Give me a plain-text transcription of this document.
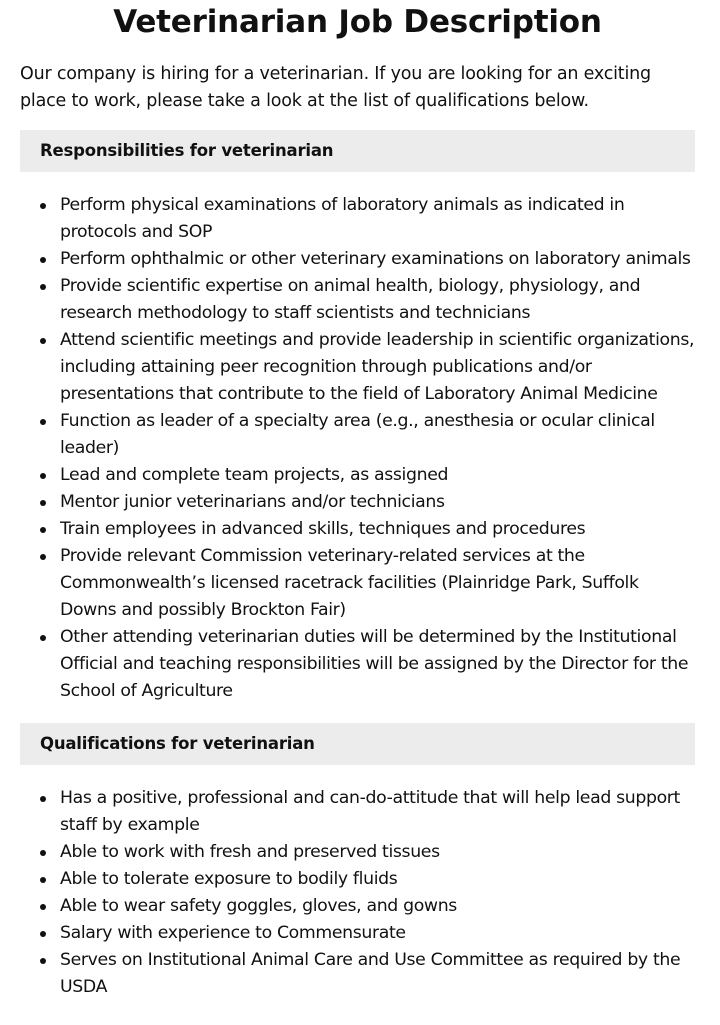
Veterinarian Job Description

Our company is hiring for a veterinarian. If you are looking for an exciting place to work, please take a look at the list of qualifications below.

Responsibilities for veterinarian
Perform physical examinations of laboratory animals as indicated in protocols and SOP
Perform ophthalmic or other veterinary examinations on laboratory animals
Provide scientific expertise on animal health, biology, physiology, and research methodology to staff scientists and technicians
Attend scientific meetings and provide leadership in scientific organizations, including attaining peer recognition through publications and/or presentations that contribute to the field of Laboratory Animal Medicine
Function as leader of a specialty area (e.g., anesthesia or ocular clinical leader)
Lead and complete team projects, as assigned
Mentor junior veterinarians and/or technicians
Train employees in advanced skills, techniques and procedures
Provide relevant Commission veterinary-related services at the Commonwealth’s licensed racetrack facilities (Plainridge Park, Suffolk Downs and possibly Brockton Fair)
Other attending veterinarian duties will be determined by the Institutional Official and teaching responsibilities will be assigned by the Director for the School of Agriculture
Qualifications for veterinarian
Has a positive, professional and can-do-attitude that will help lead support staff by example
Able to work with fresh and preserved tissues
Able to tolerate exposure to bodily fluids
Able to wear safety goggles, gloves, and gowns
Salary with experience to Commensurate
Serves on Institutional Animal Care and Use Committee as required by the USDA
